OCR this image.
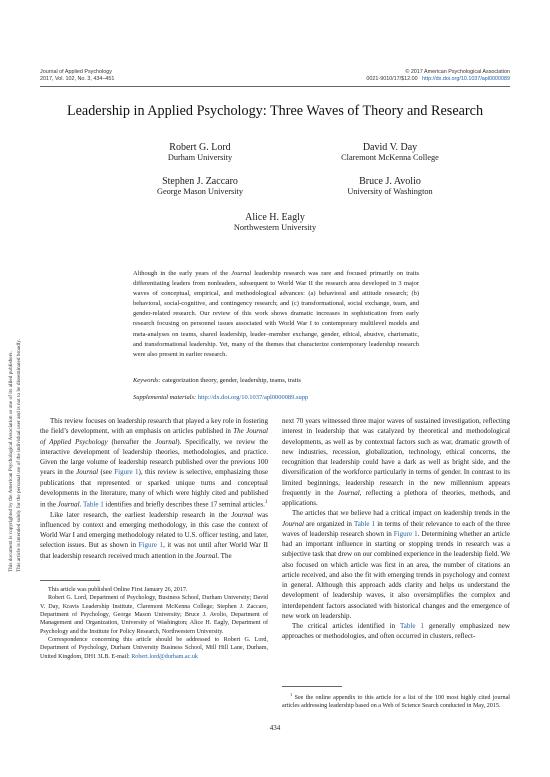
Journal of Applied Psychology
2017, Vol. 102, No. 3, 434–451
© 2017 American Psychological Association
0021-9010/17/$12.00 http://dx.doi.org/10.1037/apl0000089
Leadership in Applied Psychology: Three Waves of Theory and Research
Robert G. Lord
Durham University
David V. Day
Claremont McKenna College
Stephen J. Zaccaro
George Mason University
Bruce J. Avolio
University of Washington
Alice H. Eagly
Northwestern University
Although in the early years of the Journal leadership research was rare and focused primarily on traits differentiating leaders from nonleaders, subsequent to World War II the research area developed in 3 major waves of conceptual, empirical, and methodological advances: (a) behavioral and attitude research; (b) behavioral, social-cognitive, and contingency research; and (c) transformational, social exchange, team, and gender-related research. Our review of this work shows dramatic increases in sophistication from early research focusing on personnel issues associated with World War I to contemporary multilevel models and meta-analyses on teams, shared leadership, leader–member exchange, gender, ethical, abusive, charismatic, and transformational leadership. Yet, many of the themes that characterize contemporary leadership research were also present in earlier research.
Keywords: categorization theory, gender, leadership, teams, traits
Supplemental materials: http://dx.doi.org/10.1037/apl0000089.supp

This review focuses on leadership research that played a key role in fostering the field’s development, with an emphasis on articles published in The Journal of Applied Psychology (hereafter the Journal). Specifically, we review the interactive development of leadership theories, methodologies, and practice. Given the large volume of leadership research published over the previous 100 years in the Journal (see Figure 1), this review is selective, emphasizing those publications that represented or sparked unique turns and conceptual developments in the literature, many of which were highly cited and published in the Journal. Table 1 identifies and briefly describes these 17 seminal articles.$^1$

Like later research, the earliest leadership research in the Journal was influenced by context and emerging methodology, in this case the context of World War I and emerging methodology related to U.S. officer testing, and later, selection issues. But as shown in Figure 1, it was not until after World War II that leadership research received much attention in the Journal. The

This article was published Online First January 26, 2017.

Robert G. Lord, Department of Psychology, Business School, Durham University; David V. Day, Kravis Leadership Institute, Claremont McKenna College; Stephen J. Zaccaro, Department of Psychology, George Mason University; Bruce J. Avolio, Department of Management and Organization, University of Washington; Alice H. Eagly, Department of Psychology and the Institute for Policy Research, Northwestern University.

Correspondence concerning this article should be addressed to Robert G. Lord, Department of Psychology, Durham University Business School, Mill Hill Lane, Durham, United Kingdom, DH1 3LB. E-mail: Robert.lord@durham.ac.uk

next 70 years witnessed three major waves of sustained investigation, reflecting interest in leadership that was catalyzed by theoretical and methodological developments, as well as by contextual factors such as war, dramatic growth of new industries, recession, globalization, technology, ethical concerns, the recognition that leadership could have a dark as well as bright side, and the diversification of the workforce particularly in terms of gender. In contrast to its limited beginnings, leadership research in the new millennium appears frequently in the Journal, reflecting a plethora of theories, methods, and applications.

The articles that we believe had a critical impact on leadership trends in the Journal are organized in Table 1 in terms of their relevance to each of the three waves of leadership research shown in Figure 1. Determining whether an article had an important influence in starting or stopping trends in research was a subjective task that drew on our combined experience in the leadership field. We also focused on which article was first in an area, the number of citations an article received, and also the fit with emerging trends in psychology and context in general. Although this approach adds clarity and helps us understand the development of leadership waves, it also oversimplifies the complex and interdependent factors associated with historical changes and the emergence of new work on leadership.

The critical articles identified in Table 1 generally emphasized new approaches or methodologies, and often occurred in clusters, reflect-

$^1$ See the online appendix to this article for a list of the 100 most highly cited journal articles addressing leadership based on a Web of Science Search conducted in May, 2015.

434
This document is copyrighted by the American Psychological Association or one of its allied publishers. This article is intended solely for the personal use of the individual user and is not to be disseminated broadly.
